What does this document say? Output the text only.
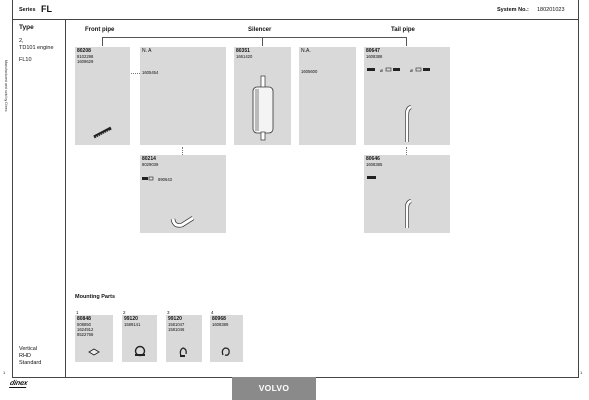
Manufactured and sold by Dinex
1	1
Series FL	System No.: 180201023
Type
2,
TD101 engine
FL10
Vertical
RHD
Standard
Front pipe	Silencer	Tail pipe
80208
8102298
1609629
N. A
1605454
80351
1661420
N.A.
1605600
80647
1608386
⌀	⌀
80214
8029039
890643
80646
1608385
Mounting Parts
1
80848
508850
1624912
8522768
2
99120
1589141
3
99120
1581047
1581046
4
80968
1608389
dinex	VOLVO
